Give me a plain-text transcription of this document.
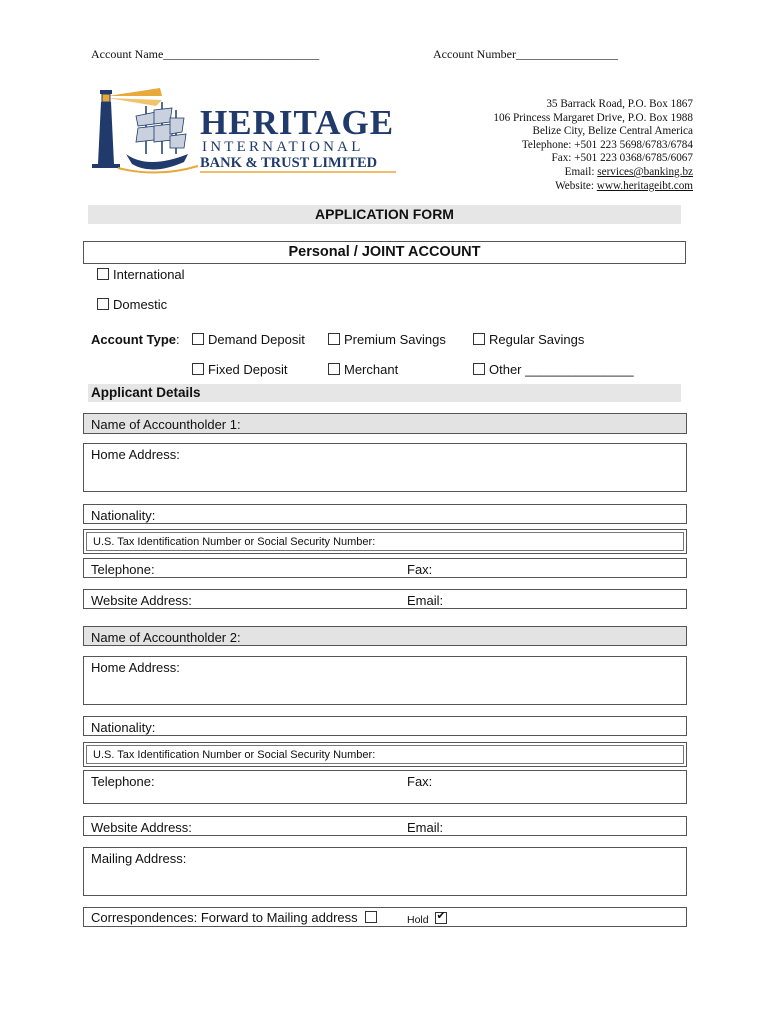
Account Name__________________________	Account Number_________________
HERITAGE
INTERNATIONAL
BANK & TRUST LIMITED
35 Barrack Road, P.O. Box 1867
106 Princess Margaret Drive, P.O. Box 1988
Belize City, Belize Central America
Telephone: +501 223 5698/6783/6784
Fax: +501 223 0368/6785/6067
Email: services@banking.bz
Website: www.heritageibt.com
APPLICATION FORM
Personal / JOINT ACCOUNT
International
Domestic
Account Type:	Demand Deposit	Premium Savings	Regular Savings
Fixed Deposit	Merchant	Other _______________
Applicant Details
Name of Accountholder 1:
Home Address:
Nationality:
U.S. Tax Identification Number or Social Security Number:
Telephone:	Fax:
Website Address:	Email:
Name of Accountholder 2:
Home Address:
Nationality:
U.S. Tax Identification Number or Social Security Number:
Telephone:	Fax:
Website Address:	Email:
Mailing Address:
Correspondences: Forward to Mailing address	Hold ✔
